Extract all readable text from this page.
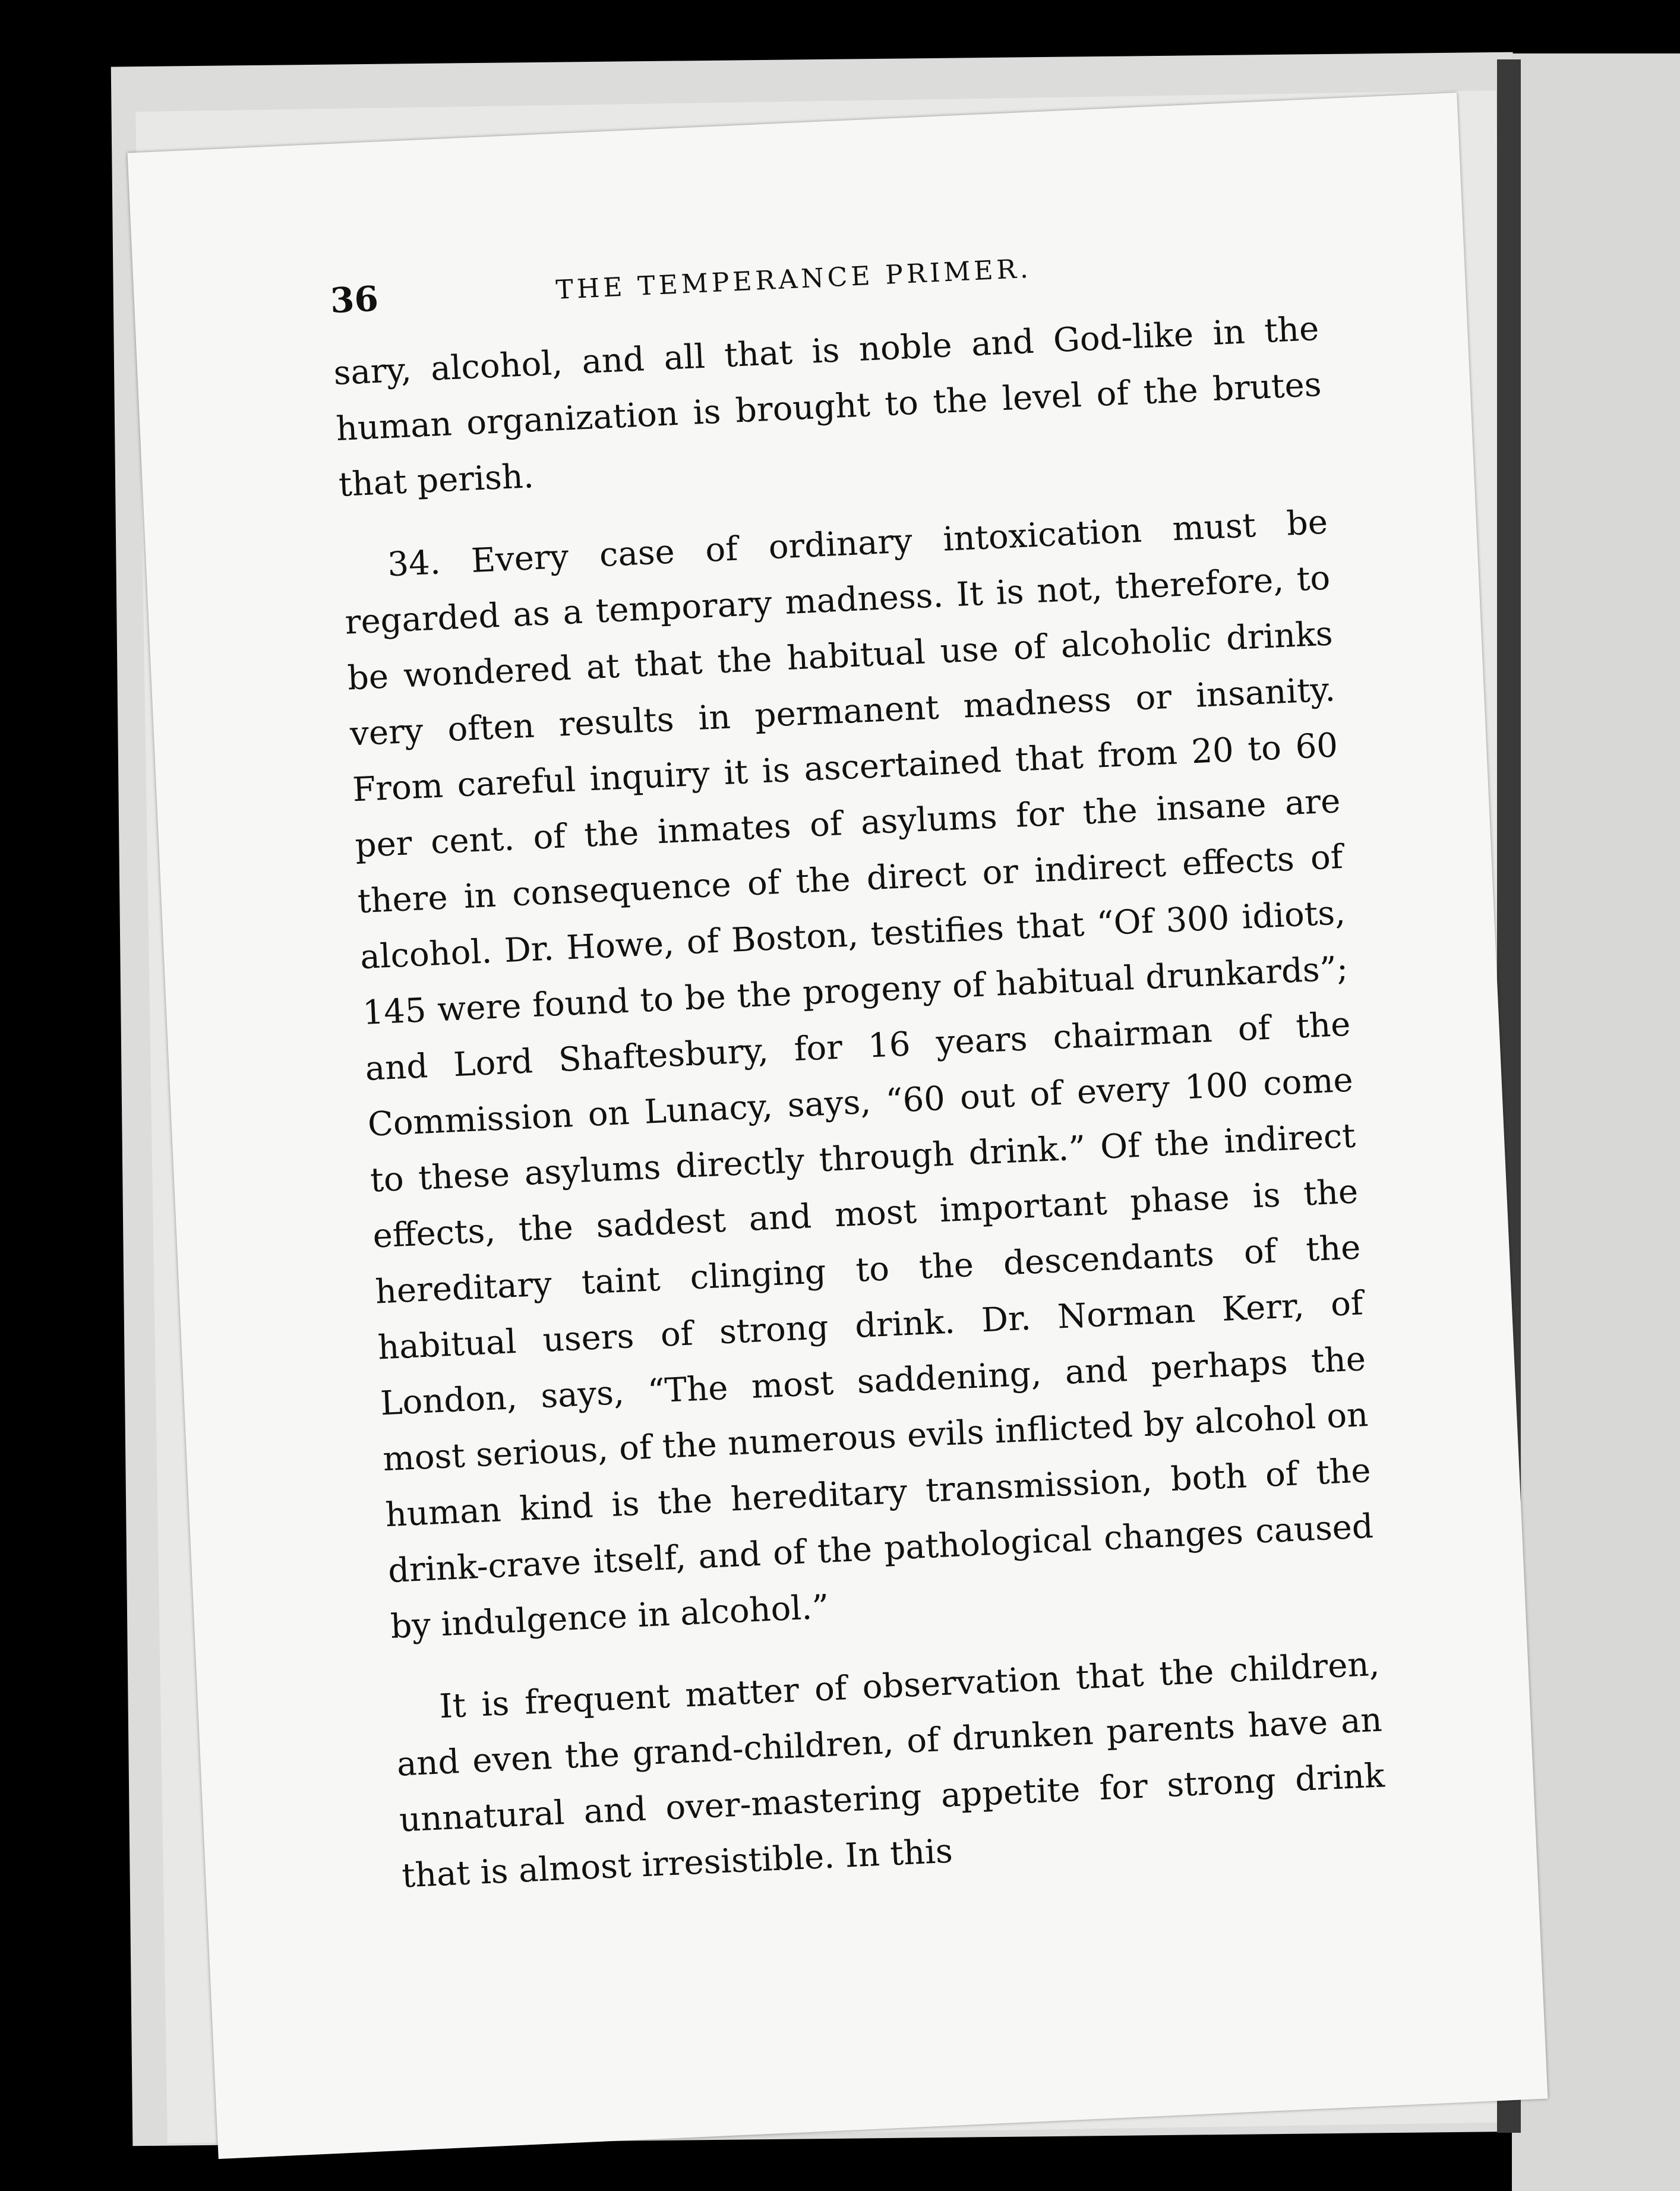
36	THE TEMPERANCE PRIMER.

sary, alcohol, and all that is noble and God-like in the human organization is brought to the level of the brutes that perish.

34. Every case of ordinary intoxication must be regarded as a temporary madness. It is not, therefore, to be wondered at that the habitual use of alcoholic drinks very often results in permanent madness or insanity. From careful inquiry it is ascertained that from 20 to 60 per cent. of the inmates of asylums for the insane are there in consequence of the direct or indirect effects of alcohol. Dr. Howe, of Boston, testifies that “Of 300 idiots, 145 were found to be the progeny of habitual drunkards”; and Lord Shaftesbury, for 16 years chairman of the Commission on Lunacy, says, “60 out of every 100 come to these asylums directly through drink.” Of the indirect effects, the saddest and most important phase is the hereditary taint clinging to the descendants of the habitual users of strong drink. Dr. Norman Kerr, of London, says, “The most saddening, and perhaps the most serious, of the numerous evils inflicted by alcohol on human kind is the hereditary transmission, both of the drink-crave itself, and of the pathological changes caused by indulgence in alcohol.”

It is frequent matter of observation that the children, and even the grand-children, of drunken parents have an unnatural and over-mastering appetite for strong drink that is almost irresistible. In this
